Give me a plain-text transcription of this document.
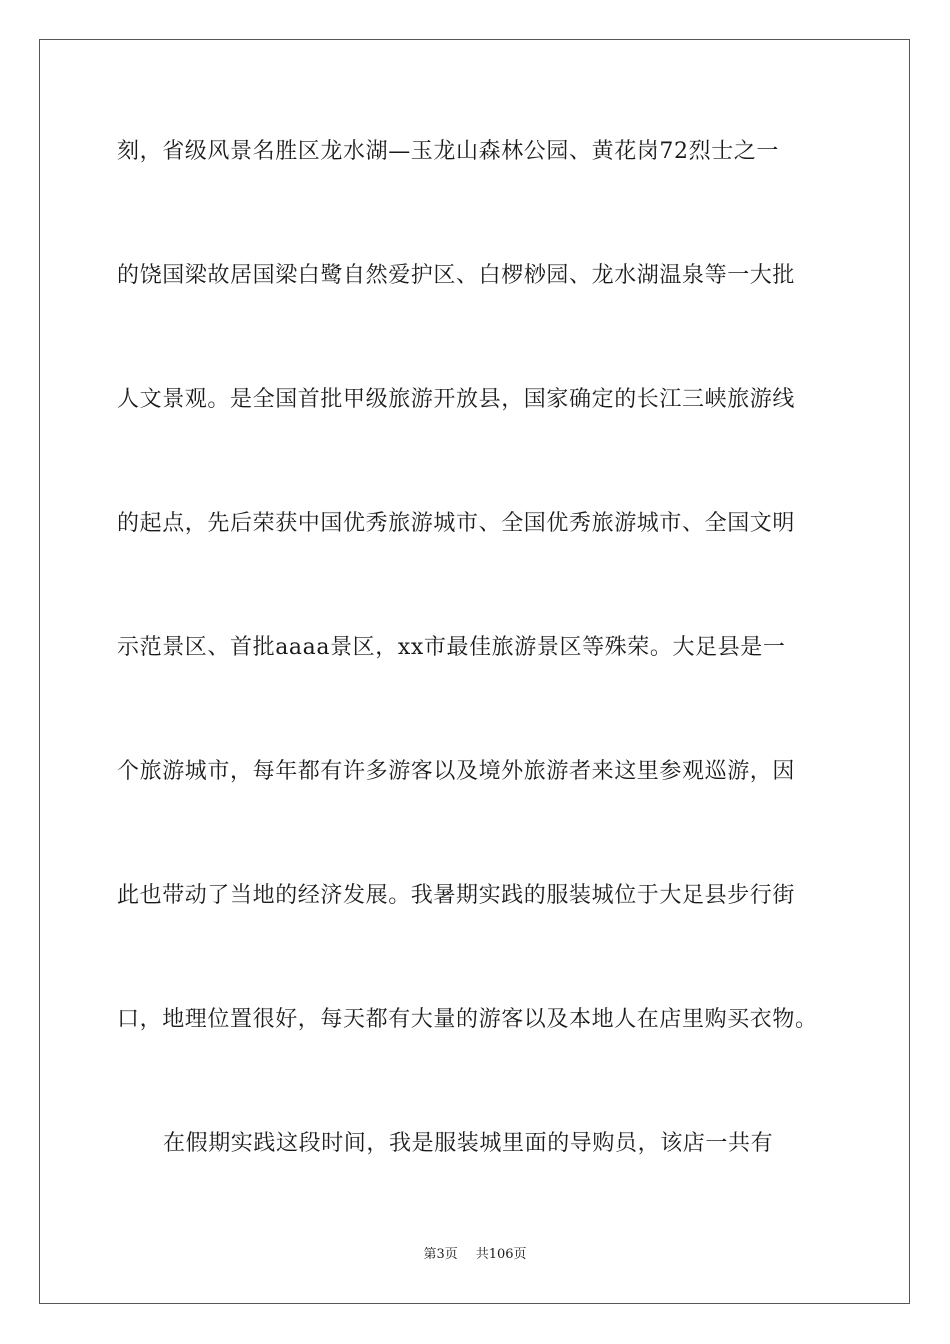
刻，省级风景名胜区龙水湖—玉龙山森林公园、黄花岗72烈士之一
的饶国梁故居国梁白鹭自然爱护区、白椤桫园、龙水湖温泉等一大批
人文景观。是全国首批甲级旅游开放县，国家确定的长江三峡旅游线
的起点，先后荣获中国优秀旅游城市、全国优秀旅游城市、全国文明
示范景区、首批aaaa景区，xx市最佳旅游景区等殊荣。大足县是一
个旅游城市，每年都有许多游客以及境外旅游者来这里参观巡游，因
此也带动了当地的经济发展。我暑期实践的服装城位于大足县步行街
口，地理位置很好，每天都有大量的游客以及本地人在店里购买衣物。
在假期实践这段时间，我是服装城里面的导购员，该店一共有
第3页 共106页
